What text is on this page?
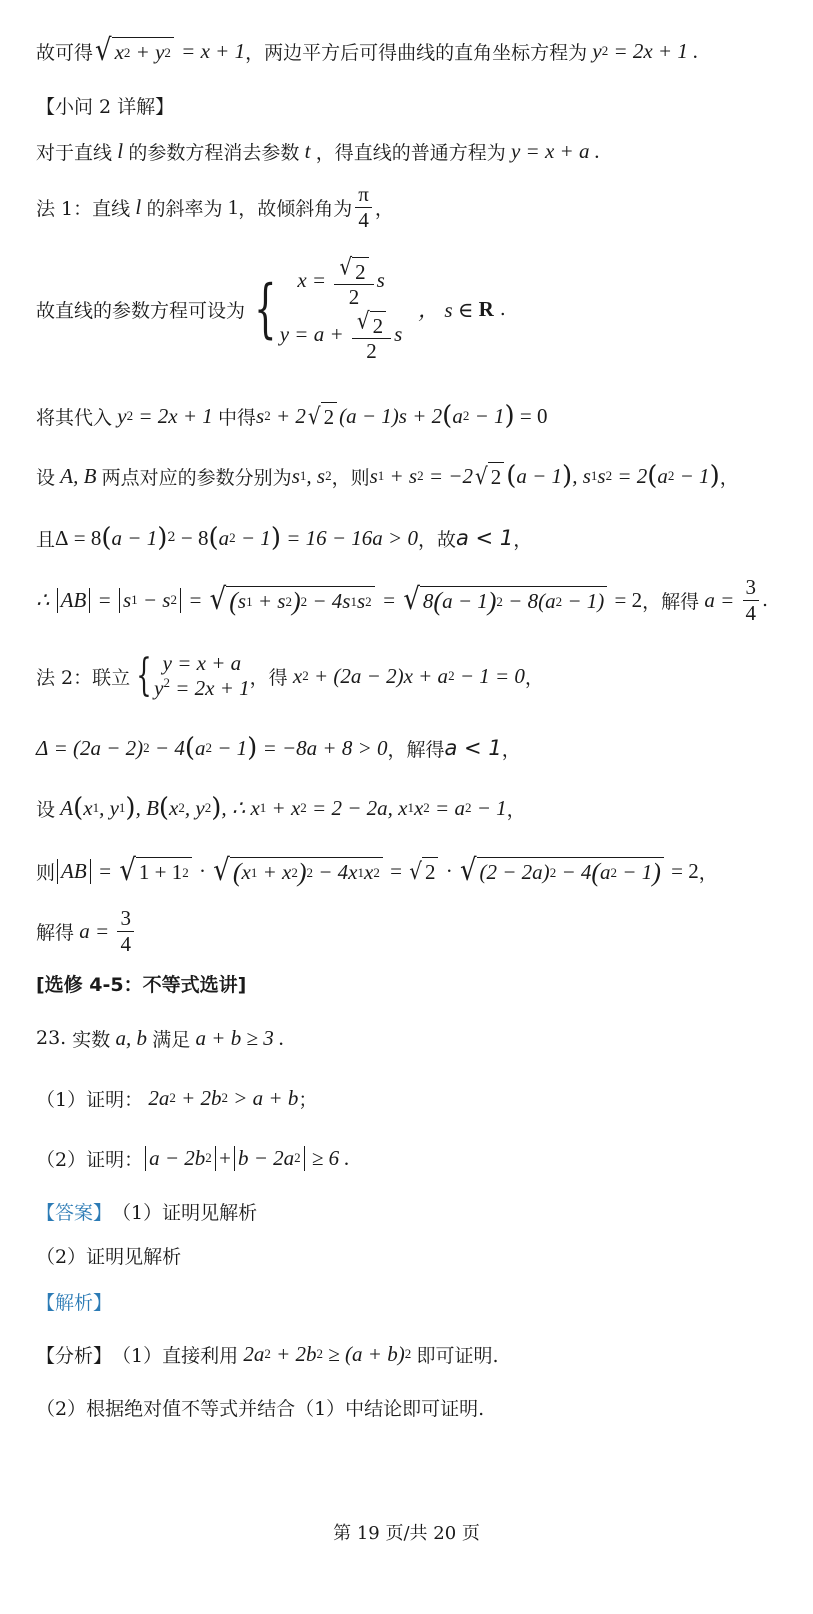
故可得 √ x 2 + y 2 = x + 1 ，两边平方后可得曲线的直角坐标方程为 y 2 = 2x + 1 .
【小问 2 详解】
对于直线 l 的参数方程消去参数 t ，得直线的普通方程为 y = x + a .
法 1：直线 l 的斜率为 1 ，故倾斜角为 $\frac{\pi}{4}$ ，
故直线的参数方程可设为 { $x = \frac{√ 2}{2}$ s
$y = a + \frac{√ 2}{2}$ s
， s ∈ R .
将其代入 y 2 = 2x + 1 中得 s 2 + 2 √ 2 (a − 1)s + 2 ( a 2 − 1 ) = 0
设 A, B 两点对应的参数分别为 s 1 , s 2 ，则 s 1 + s 2 = −2 √ 2 ( a − 1 ) , s 1 s 2 = 2 ( a 2 − 1 ) ，
且 Δ = 8 ( a − 1 ) 2 − 8 ( a 2 − 1 ) = 16 − 16a > 0 ，故 a < 1 ，
∴ AB = s 1 − s 2 = √ ( s 1 + s 2 ) 2 − 4s 1 s 2 = √ 8 ( a − 1 ) 2 − 8(a 2 − 1) = 2 ，解得 $a = \frac{3}{4}$ .
法 2：联立 { y = x + a
$y^2 = 2x + 1$ ，得 x 2 + (2a − 2)x + a 2 − 1 = 0 ，
Δ = (2a − 2) 2 − 4 ( a 2 − 1 ) = −8a + 8 > 0 ，解得 a < 1 ，
设 A ( x 1 , y 1 ) , B ( x 2 , y 2 ) , ∴ x 1 + x 2 = 2 − 2a, x 1 x 2 = a 2 − 1 ，
则 AB = √ 1 + 1 2 · √ ( x 1 + x 2 ) 2 − 4x 1 x 2 = √ 2 · √ (2 − 2a) 2 − 4 ( a 2 − 1 ) = 2 ，
解得 $a = \frac{3}{4}$
[选修 4-5：不等式选讲]
23.
实数 a, b 满足 a + b ≥ 3 .
（1）证明： 2a 2 + 2b 2 > a + b ；
（2）证明： a − 2b 2 + b − 2a 2 ≥ 6 .
【答案】 （1）证明见解析
（2）证明见解析
【解析】
【分析】 （1）直接利用 2a 2 + 2b 2 ≥ (a + b) 2
即可证明.
（2）根据绝对值不等式并结合（1）中结论即可证明.
第 19 页/共 20 页
